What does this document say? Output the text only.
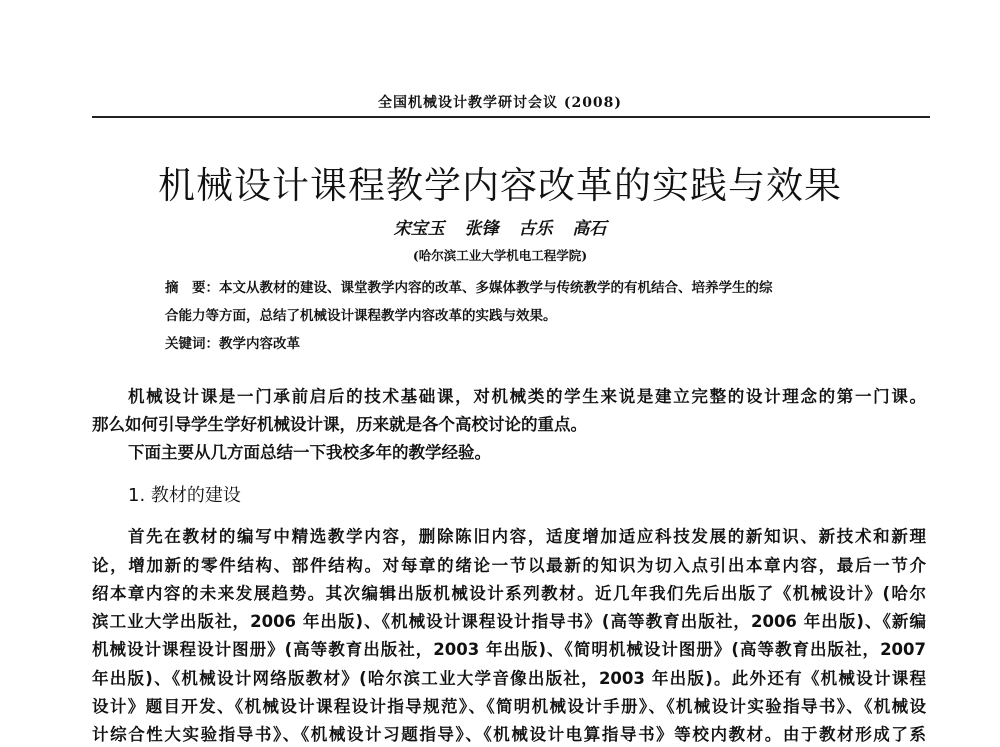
全国机械设计教学研讨会议 (2008)
机械设计课程教学内容改革的实践与效果
宋宝玉 张锋 古乐 高石
(哈尔滨工业大学机电工程学院)
摘　要：本文从教材的建设、课堂教学内容的改革、多媒体教学与传统教学的有机结合、培养学生的综
合能力等方面，总结了机械设计课程教学内容改革的实践与效果。
关键词：教学内容改革
机械设计课是一门承前启后的技术基础课，对机械类的学生来说是建立完整的设计理念的第一门课。
那么如何引导学生学好机械设计课，历来就是各个高校讨论的重点。
下面主要从几方面总结一下我校多年的教学经验。
1. 教材的建设
首先在教材的编写中精选教学内容，删除陈旧内容，适度增加适应科技发展的新知识、新技术和新理
论，增加新的零件结构、部件结构。对每章的绪论一节以最新的知识为切入点引出本章内容，最后一节介
绍本章内容的未来发展趋势。其次编辑出版机械设计系列教材。近几年我们先后出版了《机械设计》(哈尔
滨工业大学出版社，2006 年出版)、《机械设计课程设计指导书》(高等教育出版社，2006 年出版)、《新编
机械设计课程设计图册》(高等教育出版社，2003 年出版)、《简明机械设计图册》(高等教育出版社，2007
年出版)、《机械设计网络版教材》(哈尔滨工业大学音像出版社，2003 年出版)。此外还有《机械设计课程
设计》题目开发、《机械设计课程设计指导规范》、《简明机械设计手册》、《机械设计实验指导书》、《机械设
计综合性大实验指导书》、《机械设计习题指导》、《机械设计电算指导书》等校内教材。由于教材形成了系
